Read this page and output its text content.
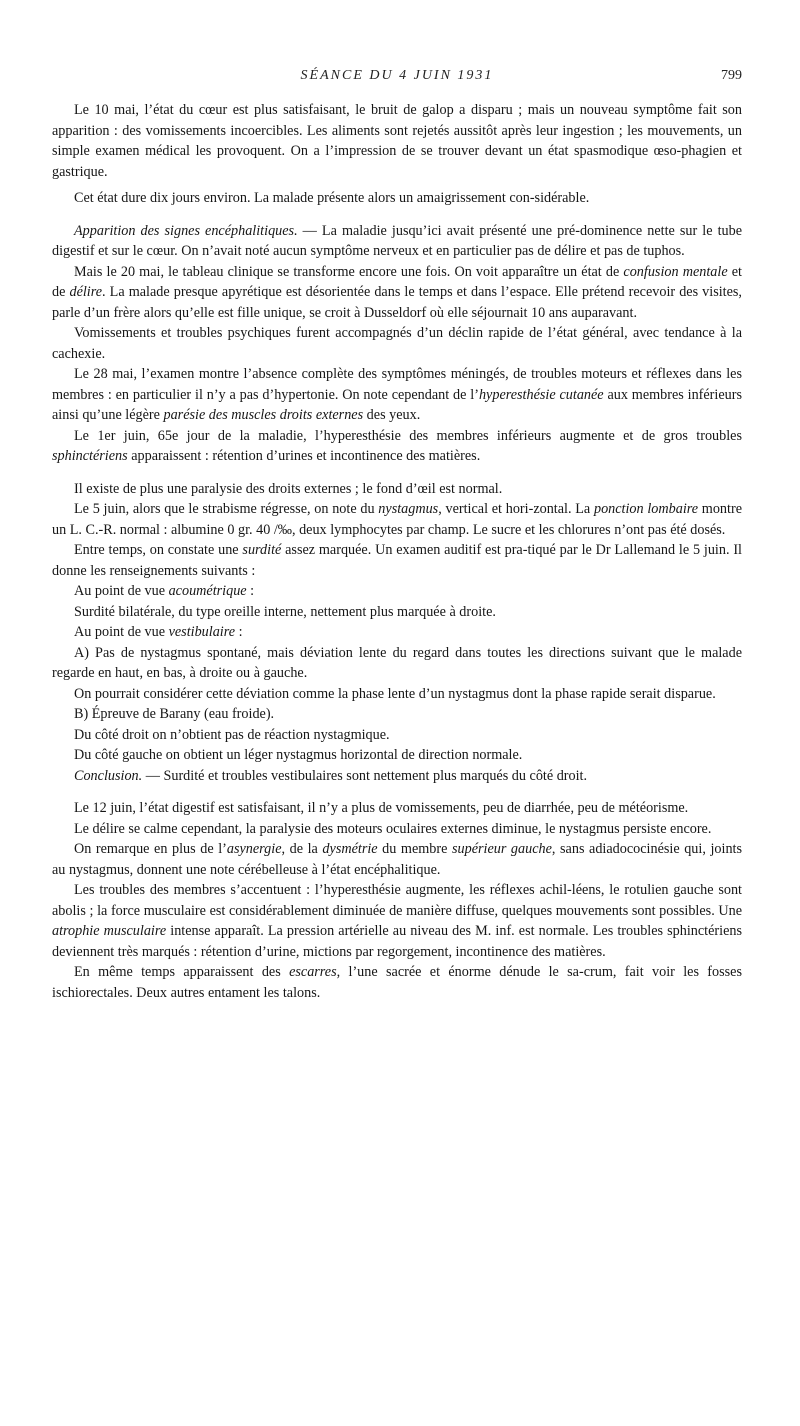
SÉANCE DU 4 JUIN 1931	799

Le 10 mai, l’état du cœur est plus satisfaisant, le bruit de galop a disparu ; mais un nouveau symptôme fait son apparition : des vomissements incoercibles. Les aliments sont rejetés aussitôt après leur ingestion ; les mouvements, un simple examen médical les provoquent. On a l’impression de se trouver devant un état spasmodique œso-phagien et gastrique.

Cet état dure dix jours environ. La malade présente alors un amaigrissement con-sidérable.

Apparition des signes encéphalitiques. — La maladie jusqu’ici avait présenté une pré-dominence nette sur le tube digestif et sur le cœur. On n’avait noté aucun symptôme nerveux et en particulier pas de délire et pas de tuphos.

Mais le 20 mai, le tableau clinique se transforme encore une fois. On voit apparaître un état de confusion mentale et de délire. La malade presque apyrétique est désorientée dans le temps et dans l’espace. Elle prétend recevoir des visites, parle d’un frère alors qu’elle est fille unique, se croit à Dusseldorf où elle séjournait 10 ans auparavant.

Vomissements et troubles psychiques furent accompagnés d’un déclin rapide de l’état général, avec tendance à la cachexie.

Le 28 mai, l’examen montre l’absence complète des symptômes méningés, de troubles moteurs et réflexes dans les membres : en particulier il n’y a pas d’hypertonie. On note cependant de l’hyperesthésie cutanée aux membres inférieurs ainsi qu’une légère parésie des muscles droits externes des yeux.

Le 1er juin, 65e jour de la maladie, l’hyperesthésie des membres inférieurs augmente et de gros troubles sphinctériens apparaissent : rétention d’urines et incontinence des matières.

Il existe de plus une paralysie des droits externes ; le fond d’œil est normal.

Le 5 juin, alors que le strabisme régresse, on note du nystagmus, vertical et hori-zontal. La ponction lombaire montre un L. C.-R. normal : albumine 0 gr. 40 /‰, deux lymphocytes par champ. Le sucre et les chlorures n’ont pas été dosés.

Entre temps, on constate une surdité assez marquée. Un examen auditif est pra-tiqué par le Dr Lallemand le 5 juin. Il donne les renseignements suivants :

Au point de vue acoumétrique :

Surdité bilatérale, du type oreille interne, nettement plus marquée à droite.

Au point de vue vestibulaire :

A) Pas de nystagmus spontané, mais déviation lente du regard dans toutes les directions suivant que le malade regarde en haut, en bas, à droite ou à gauche.

On pourrait considérer cette déviation comme la phase lente d’un nystagmus dont la phase rapide serait disparue.

B) Épreuve de Barany (eau froide).

Du côté droit on n’obtient pas de réaction nystagmique.

Du côté gauche on obtient un léger nystagmus horizontal de direction normale.

Conclusion. — Surdité et troubles vestibulaires sont nettement plus marqués du côté droit.

Le 12 juin, l’état digestif est satisfaisant, il n’y a plus de vomissements, peu de diarrhée, peu de météorisme.

Le délire se calme cependant, la paralysie des moteurs oculaires externes diminue, le nystagmus persiste encore.

On remarque en plus de l’asynergie, de la dysmétrie du membre supérieur gauche, sans adiadococinésie qui, joints au nystagmus, donnent une note cérébelleuse à l’état encéphalitique.

Les troubles des membres s’accentuent : l’hyperesthésie augmente, les réflexes achil-léens, le rotulien gauche sont abolis ; la force musculaire est considérablement diminuée de manière diffuse, quelques mouvements sont possibles. Une atrophie musculaire intense apparaît. La pression artérielle au niveau des M. inf. est normale. Les troubles sphinctériens deviennent très marqués : rétention d’urine, mictions par regorgement, incontinence des matières.

En même temps apparaissent des escarres, l’une sacrée et énorme dénude le sa-crum, fait voir les fosses ischiorectales. Deux autres entament les talons.
